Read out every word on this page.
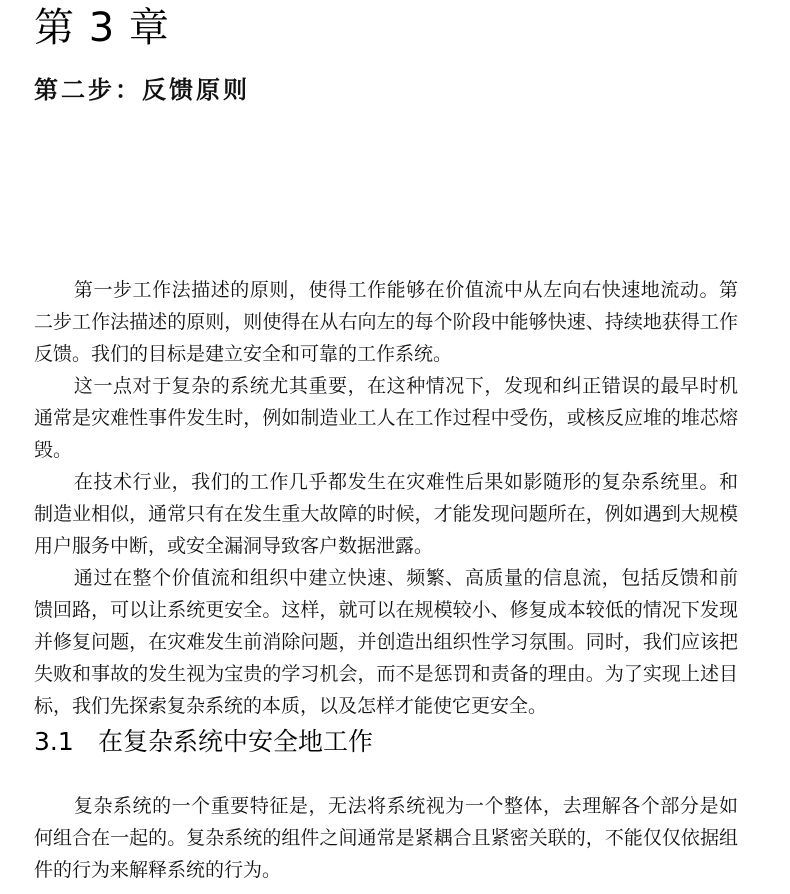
第 3 章
第二步：反馈原则

第一步工作法描述的原则，使得工作能够在价值流中从左向右快速地流动。第二步工作法描述的原则，则使得在从右向左的每个阶段中能够快速、持续地获得工作反馈。我们的目标是建立安全和可靠的工作系统。

这一点对于复杂的系统尤其重要，在这种情况下，发现和纠正错误的最早时机通常是灾难性事件发生时，例如制造业工人在工作过程中受伤，或核反应堆的堆芯熔毁。

在技术行业，我们的工作几乎都发生在灾难性后果如影随形的复杂系统里。和制造业相似，通常只有在发生重大故障的时候，才能发现问题所在，例如遇到大规模用户服务中断，或安全漏洞导致客户数据泄露。

通过在整个价值流和组织中建立快速、频繁、高质量的信息流，包括反馈和前馈回路，可以让系统更安全。这样，就可以在规模较小、修复成本较低的情况下发现并修复问题，在灾难发生前消除问题，并创造出组织性学习氛围。同时，我们应该把失败和事故的发生视为宝贵的学习机会，而不是惩罚和责备的理由。为了实现上述目标，我们先探索复杂系统的本质，以及怎样才能使它更安全。

3.1 在复杂系统中安全地工作

复杂系统的一个重要特征是，无法将系统视为一个整体，去理解各个部分是如何组合在一起的。复杂系统的组件之间通常是紧耦合且紧密关联的，不能仅仅依据组件的行为来解释系统的行为。
